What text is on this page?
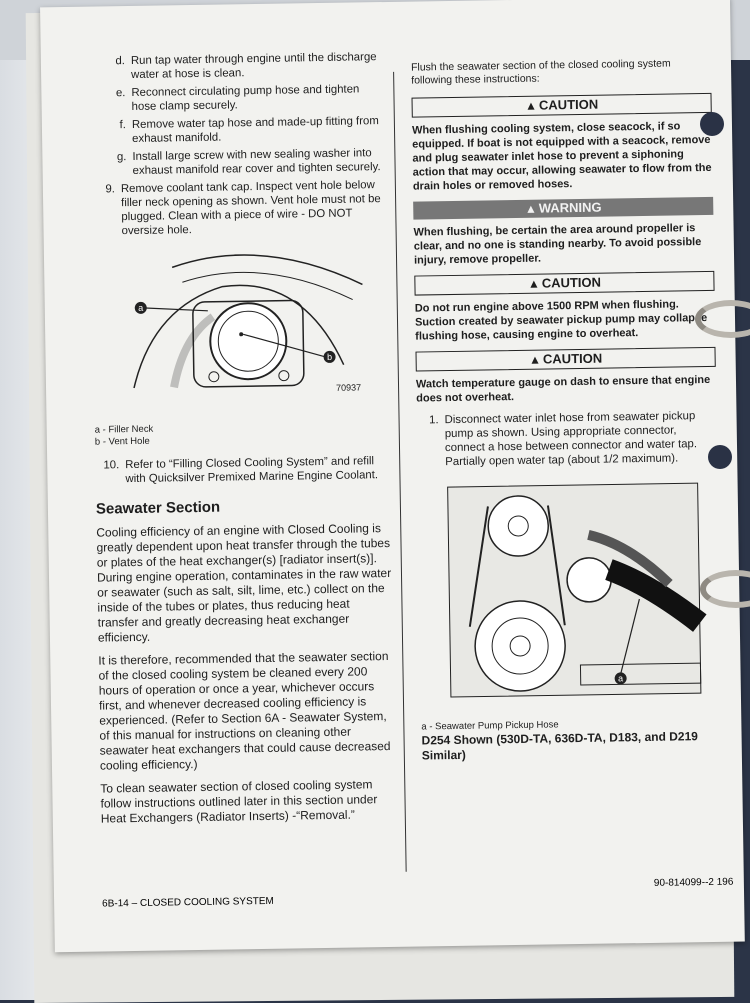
d. Run tap water through engine until the discharge water at hose is clean.
e. Reconnect circulating pump hose and tighten hose clamp securely.
f. Remove water tap hose and made-up fitting from exhaust manifold.
g. Install large screw with new sealing washer into exhaust manifold rear cover and tighten securely.
9. Remove coolant tank cap. Inspect vent hole below filler neck opening as shown. Vent hole must not be plugged. Clean with a piece of wire - DO NOT oversize hole.
a
b
70937
a - Filler Neck
b - Vent Hole
10. Refer to “Filling Closed Cooling System” and refill with Quicksilver Premixed Marine Engine Coolant.
Seawater Section

Cooling efficiency of an engine with Closed Cooling is greatly dependent upon heat transfer through the tubes or plates of the heat exchanger(s) [radiator insert(s)]. During engine operation, contaminates in the raw water or seawater (such as salt, silt, lime, etc.) collect on the inside of the tubes or plates, thus reducing heat transfer and greatly decreasing heat exchanger efficiency.

It is therefore, recommended that the seawater section of the closed cooling system be cleaned every 200 hours of operation or once a year, whichever occurs first, and whenever decreased cooling efficiency is experienced. (Refer to Section 6A - Seawater System, of this manual for instructions on cleaning other seawater heat exchangers that could cause decreased cooling efficiency.)

To clean seawater section of closed cooling system follow instructions outlined later in this section under Heat Exchangers (Radiator Inserts) -“Removal.”

Flush the seawater section of the closed cooling system following these instructions:
▲ CAUTION
When flushing cooling system, close seacock, if so equipped. If boat is not equipped with a seacock, remove and plug seawater inlet hose to prevent a siphoning action that may occur, allowing seawater to flow from the drain holes or removed hoses.
▲ WARNING
When flushing, be certain the area around propeller is clear, and no one is standing nearby. To avoid possible injury, remove propeller.
▲ CAUTION
Do not run engine above 1500 RPM when flushing. Suction created by seawater pickup pump may collapse flushing hose, causing engine to overheat.
▲ CAUTION
Watch temperature gauge on dash to ensure that engine does not overheat.
1. Disconnect water inlet hose from seawater pickup pump as shown. Using appropriate connector, connect a hose between connector and water tap. Partially open water tap (about 1/2 maximum).
a
a - Seawater Pump Pickup Hose
D254 Shown (530D-TA, 636D-TA, D183, and D219 Similar)
6B-14 – CLOSED COOLING SYSTEM
90-814099--2 196
